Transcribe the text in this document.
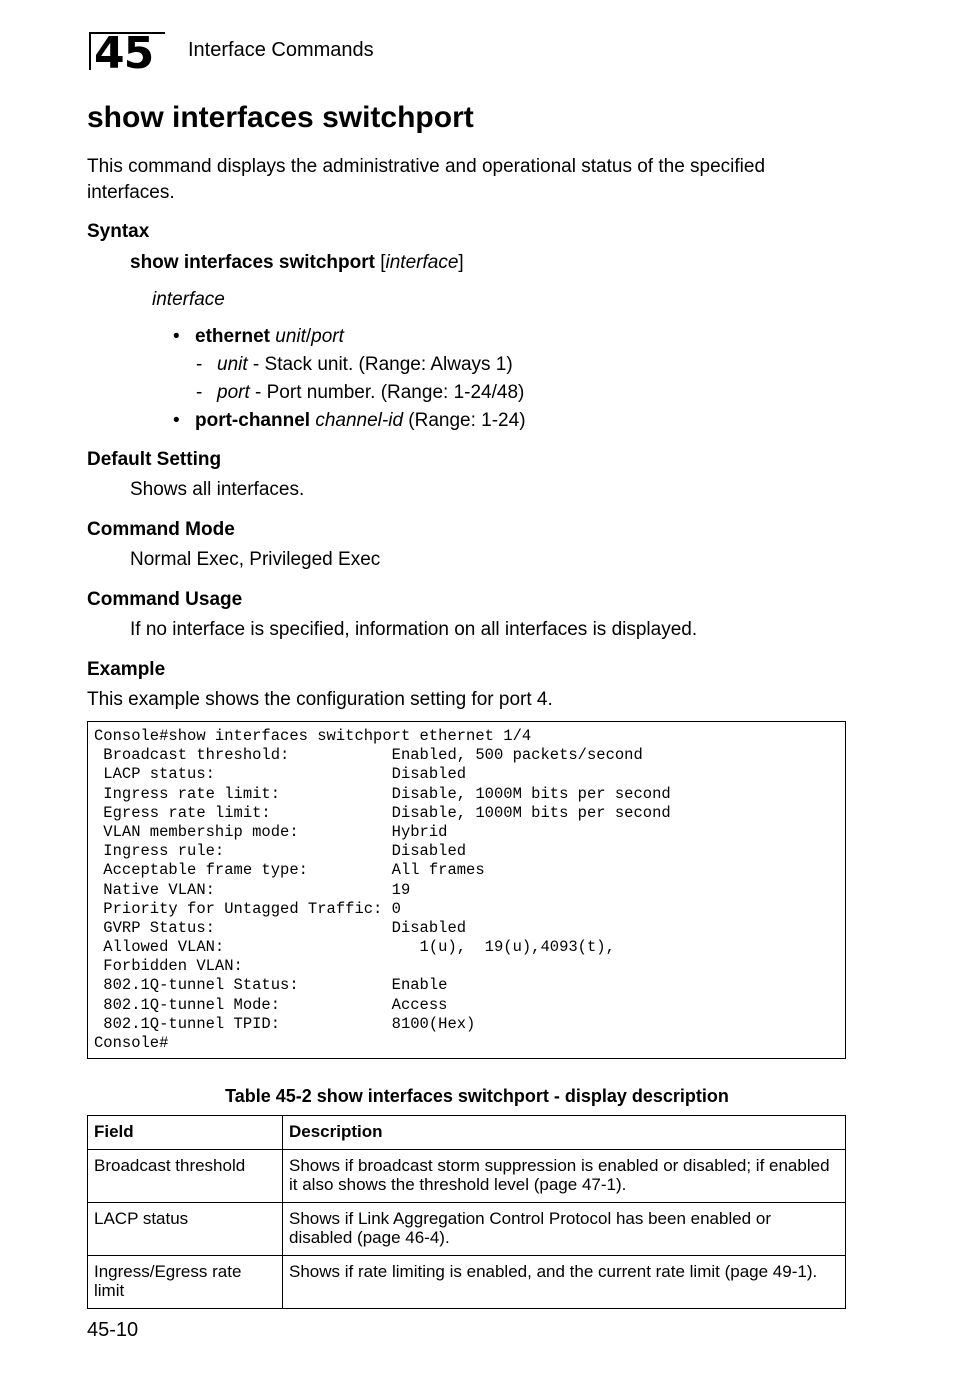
45	Interface Commands
show interfaces switchport
This command displays the administrative and operational status of the specified interfaces.
Syntax
show interfaces switchport [interface]
interface
• ethernet unit/port
- unit - Stack unit. (Range: Always 1)
- port - Port number. (Range: 1-24/48)
• port-channel channel-id (Range: 1-24)
Default Setting
Shows all interfaces.
Command Mode
Normal Exec, Privileged Exec
Command Usage
If no interface is specified, information on all interfaces is displayed.
Example
This example shows the configuration setting for port 4.
Console#show interfaces switchport ethernet 1/4
Broadcast threshold:           Enabled, 500 packets/second
LACP status:                   Disabled
Ingress rate limit:            Disable, 1000M bits per second
Egress rate limit:             Disable, 1000M bits per second
VLAN membership mode:          Hybrid
Ingress rule:                  Disabled
Acceptable frame type:         All frames
Native VLAN:                   19
Priority for Untagged Traffic: 0
GVRP Status:                   Disabled
Allowed VLAN:                     1(u),  19(u),4093(t),
Forbidden VLAN:
802.1Q-tunnel Status:          Enable
802.1Q-tunnel Mode:            Access
802.1Q-tunnel TPID:            8100(Hex)
Console#
Table 45-2 show interfaces switchport - display description
Field	Description
Broadcast threshold	Shows if broadcast storm suppression is enabled or disabled; if enabled it also shows the threshold level (page 47-1).
LACP status	Shows if Link Aggregation Control Protocol has been enabled or disabled (page 46-4).
Ingress/Egress rate limit	Shows if rate limiting is enabled, and the current rate limit (page 49-1).
45-10
